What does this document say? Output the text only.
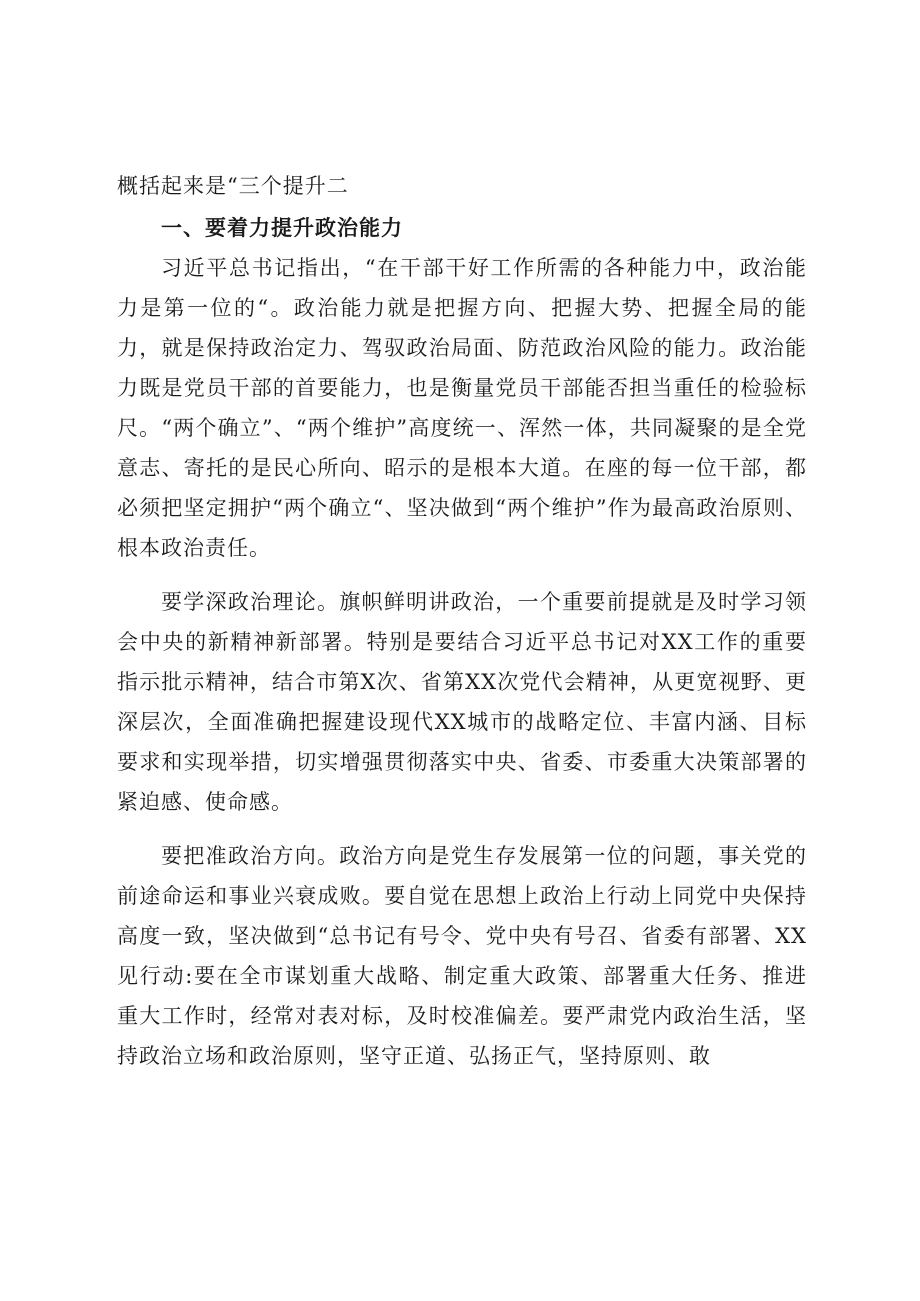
概括起来是“三个提升二

一、要着力提升政治能力

习近平总书记指出，“在干部干好工作所需的各种能力中，政治能力是第一位的“。政治能力就是把握方向、把握大势、把握全局的能力，就是保持政治定力、驾驭政治局面、防范政治风险的能力。政治能力既是党员干部的首要能力，也是衡量党员干部能否担当重任的检验标尺。“两个确立”、“两个维护”高度统一、浑然一体，共同凝聚的是全党意志、寄托的是民心所向、昭示的是根本大道。在座的每一位干部，都必须把坚定拥护“两个确立“、坚决做到“两个维护”作为最高政治原则、根本政治责任。

要学深政治理论。旗帜鲜明讲政治，一个重要前提就是及时学习领会中央的新精神新部署。特别是要结合习近平总书记对XX工作的重要指示批示精神，结合市第X次、省第XX次党代会精神，从更宽视野、更深层次，全面准确把握建设现代XX城市的战略定位、丰富内涵、目标要求和实现举措，切实增强贯彻落实中央、省委、市委重大决策部署的紧迫感、使命感。

要把准政治方向。政治方向是党生存发展第一位的问题，事关党的前途命运和事业兴衰成败。要自觉在思想上政治上行动上同党中央保持高度一致，坚决做到“总书记有号令、党中央有号召、省委有部署、XX见行动:要在全市谋划重大战略、制定重大政策、部署重大任务、推进重大工作时，经常对表对标，及时校准偏差。要严肃党内政治生活，坚持政治立场和政治原则，坚守正道、弘扬正气，坚持原则、敢
